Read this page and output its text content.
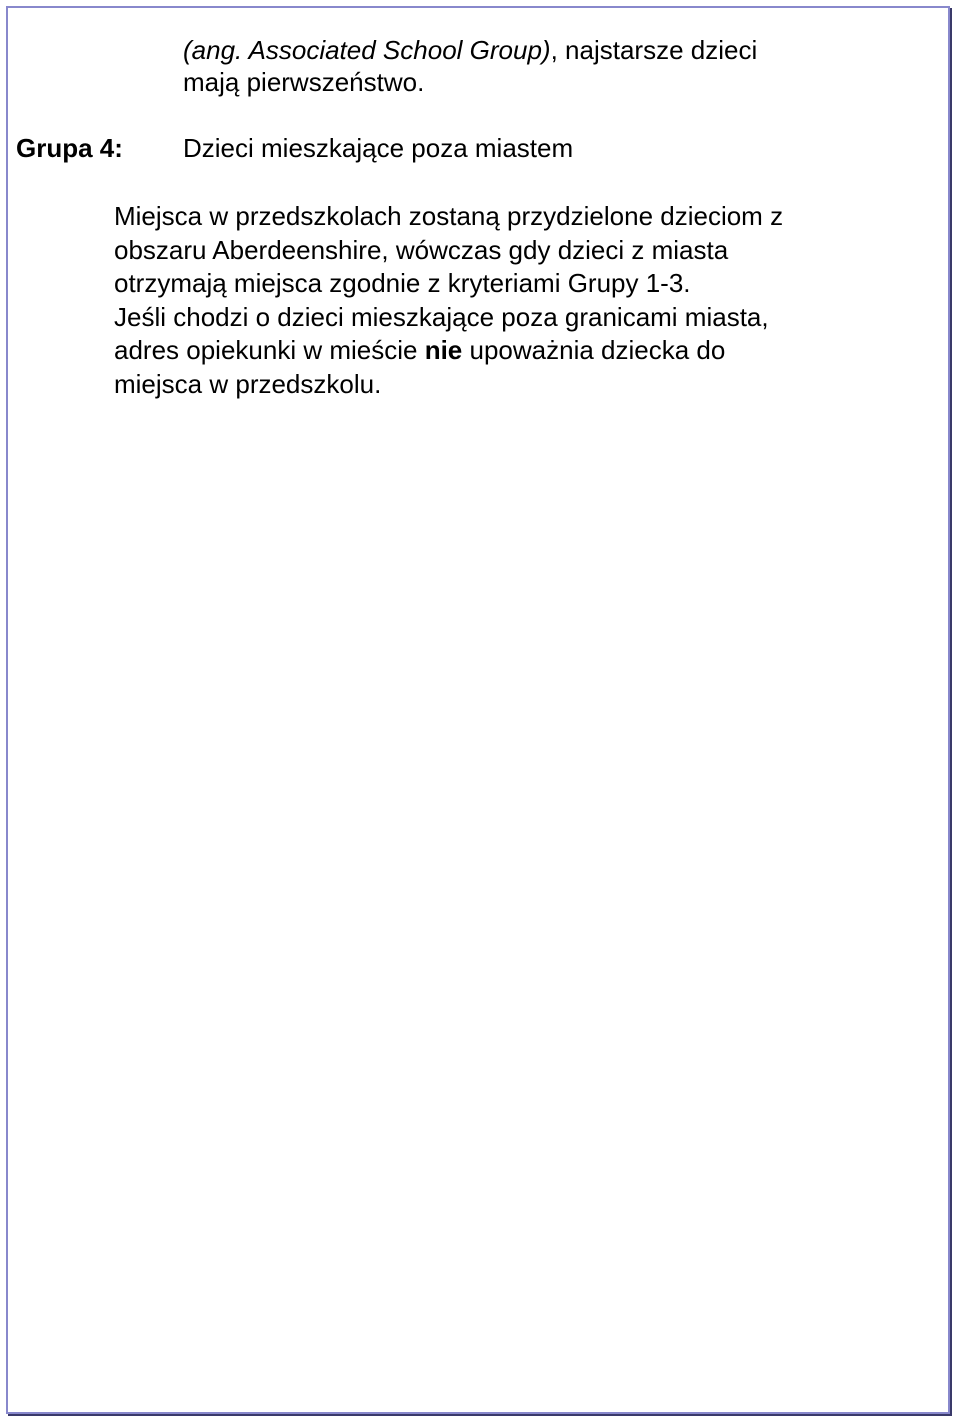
(ang. Associated School Group), najstarsze dzieci
mają pierwszeństwo.
Grupa 4: Dzieci mieszkające poza miastem
Miejsca w przedszkolach zostaną przydzielone dzieciom z
obszaru Aberdeenshire, wówczas gdy dzieci z miasta
otrzymają miejsca zgodnie z kryteriami Grupy 1-3.
Jeśli chodzi o dzieci mieszkające poza granicami miasta,
adres opiekunki w mieście nie upoważnia dziecka do
miejsca w przedszkolu.
